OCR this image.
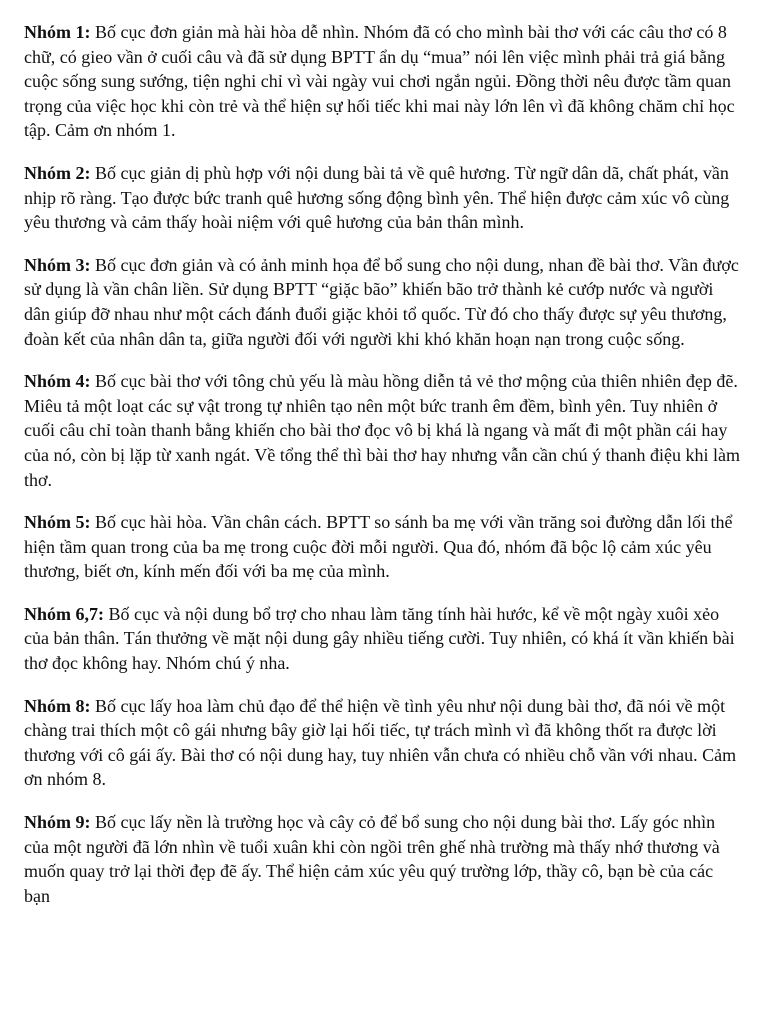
Nhóm 1: Bố cục đơn giản mà hài hòa dễ nhìn. Nhóm đã có cho mình bài thơ với các câu thơ có 8 chữ, có gieo vần ở cuối câu và đã sử dụng BPTT ẩn dụ “mua” nói lên việc mình phải trả giá bằng cuộc sống sung sướng, tiện nghi chỉ vì vài ngày vui chơi ngắn ngủi. Đồng thời nêu được tầm quan trọng của việc học khi còn trẻ và thể hiện sự hối tiếc khi mai này lớn lên vì đã không chăm chỉ học tập. Cảm ơn nhóm 1.

Nhóm 2: Bố cục giản dị phù hợp với nội dung bài tả về quê hương. Từ ngữ dân dã, chất phát, vần nhịp rõ ràng. Tạo được bức tranh quê hương sống động bình yên. Thể hiện được cảm xúc vô cùng yêu thương và cảm thấy hoài niệm với quê hương của bản thân mình.

Nhóm 3: Bố cục đơn giản và có ảnh minh họa để bổ sung cho nội dung, nhan đề bài thơ. Vần được sử dụng là vần chân liền. Sử dụng BPTT “giặc bão” khiến bão trở thành kẻ cướp nước và người dân giúp đỡ nhau như một cách đánh đuổi giặc khỏi tổ quốc. Từ đó cho thấy được sự yêu thương, đoàn kết của nhân dân ta, giữa người đối với người khi khó khăn hoạn nạn trong cuộc sống.

Nhóm 4: Bố cục bài thơ với tông chủ yếu là màu hồng diễn tả vẻ thơ mộng của thiên nhiên đẹp đẽ. Miêu tả một loạt các sự vật trong tự nhiên tạo nên một bức tranh êm đềm, bình yên. Tuy nhiên ở cuối câu chỉ toàn thanh bằng khiến cho bài thơ đọc vô bị khá là ngang và mất đi một phần cái hay của nó, còn bị lặp từ xanh ngát. Về tổng thể thì bài thơ hay nhưng vẫn cần chú ý thanh điệu khi làm thơ.

Nhóm 5: Bố cục hài hòa. Vần chân cách. BPTT so sánh ba mẹ với vần trăng soi đường dẫn lối thể hiện tầm quan trong của ba mẹ trong cuộc đời mỗi người. Qua đó, nhóm đã bộc lộ cảm xúc yêu thương, biết ơn, kính mến đối với ba mẹ của mình.

Nhóm 6,7: Bố cục và nội dung bổ trợ cho nhau làm tăng tính hài hước, kể về một ngày xuôi xẻo của bản thân. Tán thưởng về mặt nội dung gây nhiều tiếng cười. Tuy nhiên, có khá ít vần khiến bài thơ đọc không hay. Nhóm chú ý nha.

Nhóm 8: Bố cục lấy hoa làm chủ đạo để thể hiện về tình yêu như nội dung bài thơ, đã nói về một chàng trai thích một cô gái nhưng bây giờ lại hối tiếc, tự trách mình vì đã không thốt ra được lời thương với cô gái ấy. Bài thơ có nội dung hay, tuy nhiên vẫn chưa có nhiều chỗ vần với nhau. Cảm ơn nhóm 8.

Nhóm 9: Bố cục lấy nền là trường học và cây cỏ để bổ sung cho nội dung bài thơ. Lấy góc nhìn của một người đã lớn nhìn về tuổi xuân khi còn ngồi trên ghế nhà trường mà thấy nhớ thương và muốn quay trở lại thời đẹp đẽ ấy. Thể hiện cảm xúc yêu quý trường lớp, thầy cô, bạn bè của các bạn
